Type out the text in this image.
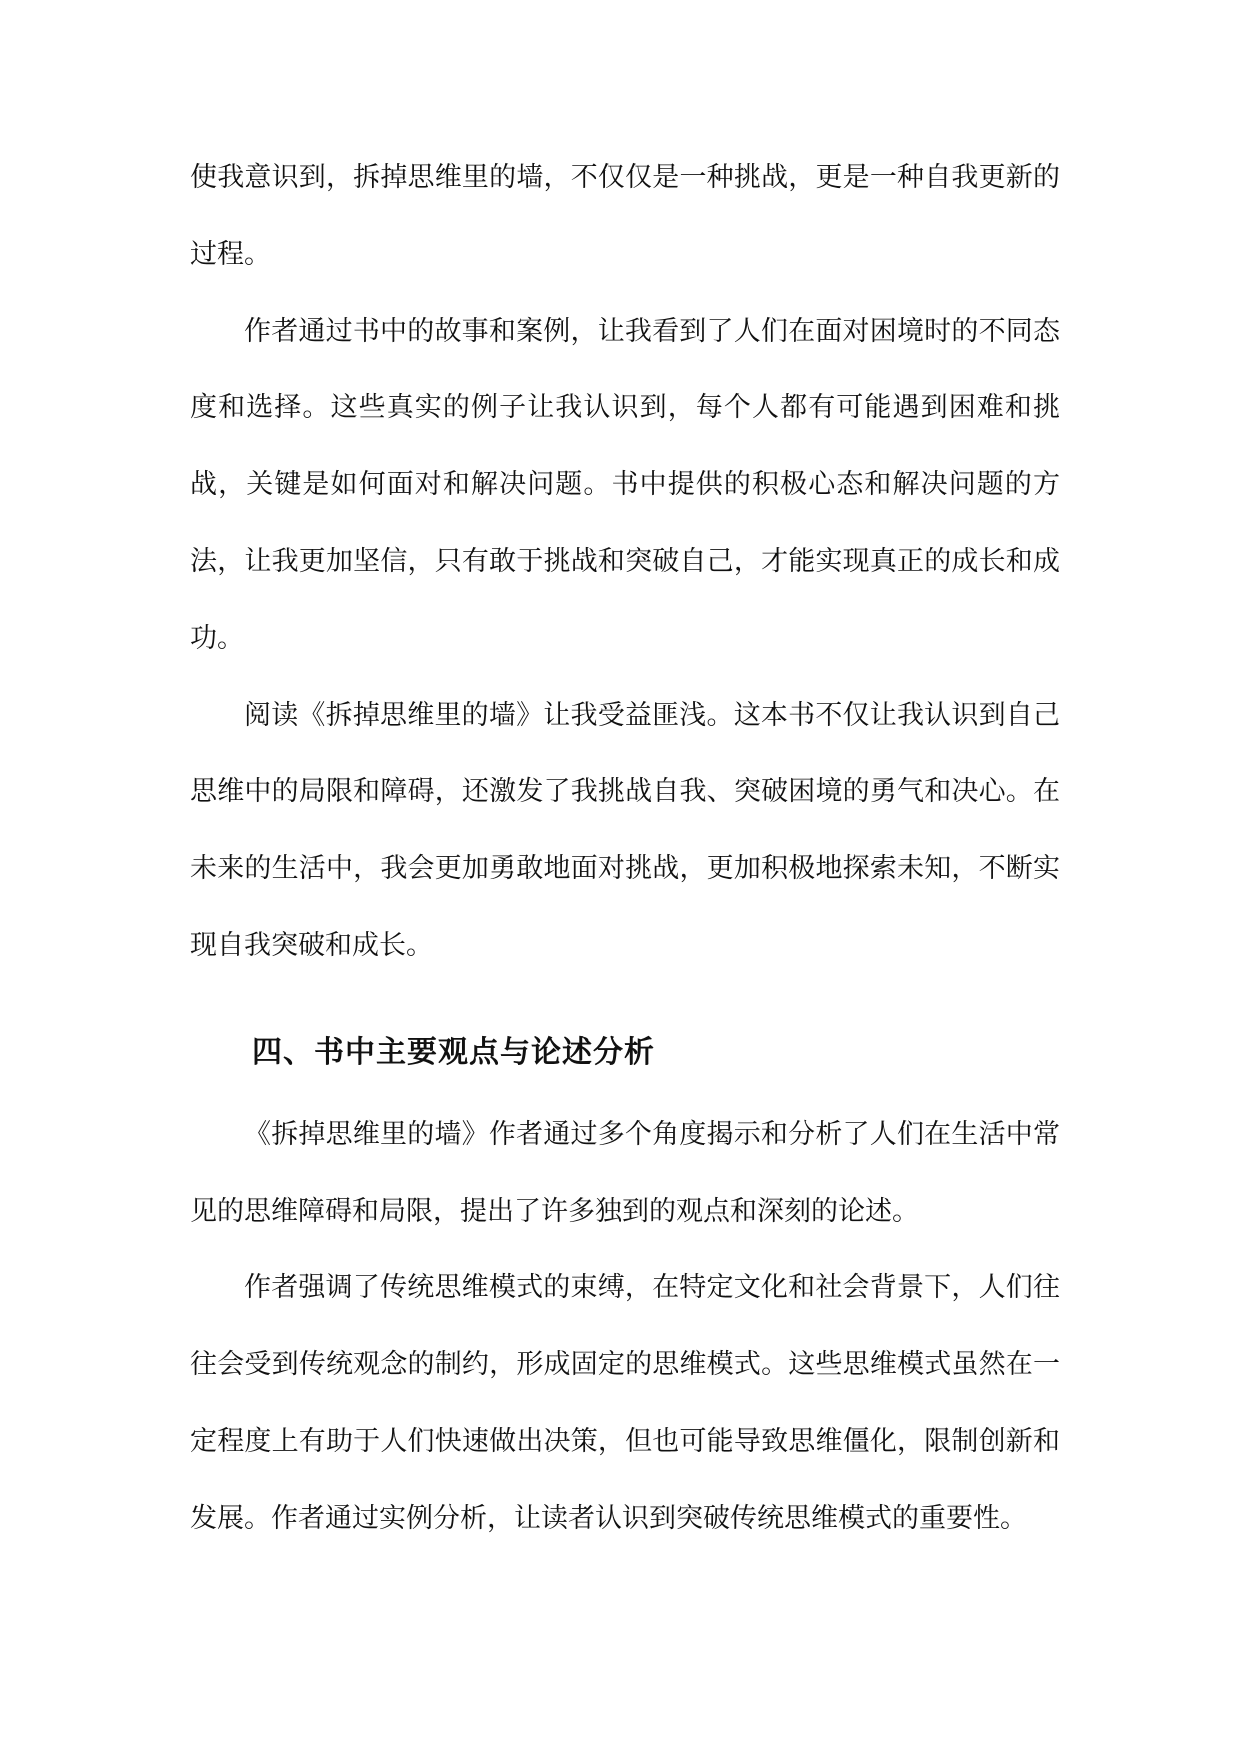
使我意识到，拆掉思维里的墙，不仅仅是一种挑战，更是一种自我更新的过程。

作者通过书中的故事和案例，让我看到了人们在面对困境时的不同态度和选择。这些真实的例子让我认识到，每个人都有可能遇到困难和挑战，关键是如何面对和解决问题。书中提供的积极心态和解决问题的方法，让我更加坚信，只有敢于挑战和突破自己，才能实现真正的成长和成功。

阅读《拆掉思维里的墙》让我受益匪浅。这本书不仅让我认识到自己思维中的局限和障碍，还激发了我挑战自我、突破困境的勇气和决心。在未来的生活中，我会更加勇敢地面对挑战，更加积极地探索未知，不断实现自我突破和成长。

四、书中主要观点与论述分析

《拆掉思维里的墙》作者通过多个角度揭示和分析了人们在生活中常见的思维障碍和局限，提出了许多独到的观点和深刻的论述。

作者强调了传统思维模式的束缚，在特定文化和社会背景下，人们往往会受到传统观念的制约，形成固定的思维模式。这些思维模式虽然在一定程度上有助于人们快速做出决策，但也可能导致思维僵化，限制创新和发展。作者通过实例分析，让读者认识到突破传统思维模式的重要性。
